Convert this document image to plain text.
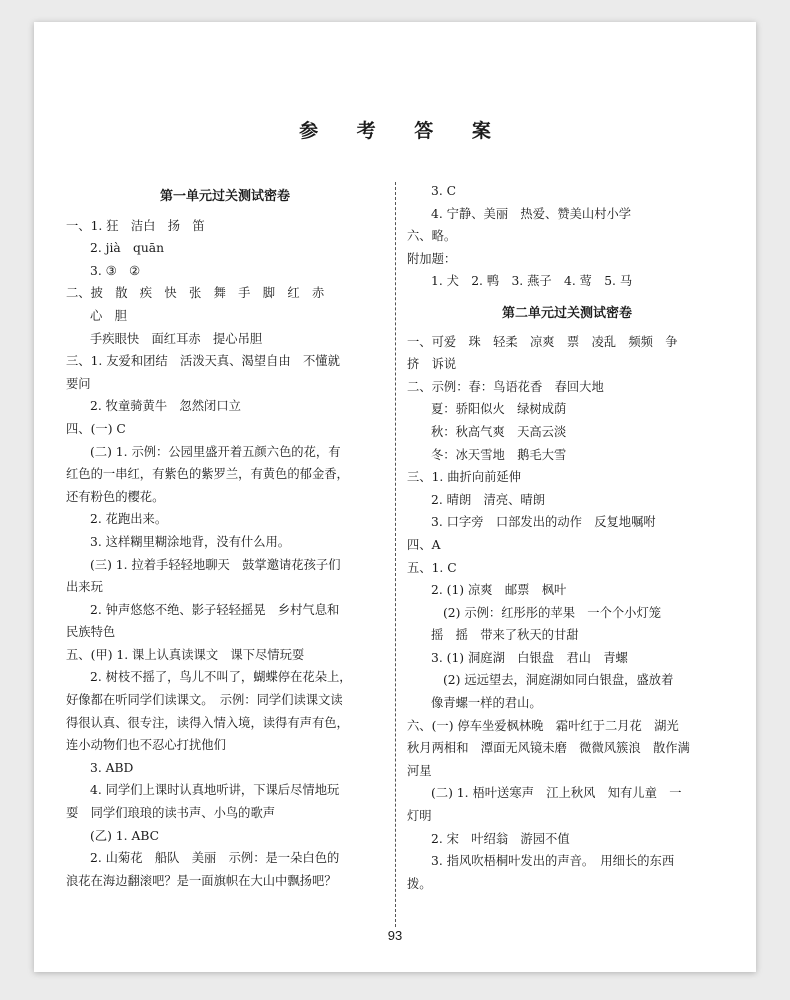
参 考 答 案
第一单元过关测试密卷
一、1. 狂　洁白　扬　笛
2. jià　quān
3. ③　②
二、披　散　疾　快　张　舞　手　脚　红　赤
心　胆
手疾眼快　面红耳赤　提心吊胆
三、1. 友爱和团结　活泼天真、渴望自由　不懂就
要问
2. 牧童骑黄牛　忽然闭口立
四、(一) C
(二) 1. 示例：公园里盛开着五颜六色的花，有
红色的一串红，有紫色的紫罗兰，有黄色的郁金香，
还有粉色的樱花。
2. 花跑出来。
3. 这样糊里糊涂地背，没有什么用。
(三) 1. 拉着手轻轻地聊天　鼓掌邀请花孩子们
出来玩
2. 钟声悠悠不绝、影子轻轻摇晃　乡村气息和
民族特色
五、(甲) 1. 课上认真读课文　课下尽情玩耍
2. 树枝不摇了，鸟儿不叫了，蝴蝶停在花朵上，
好像都在听同学们读课文。　示例：同学们读课文读
得很认真、很专注，读得入情入境，读得有声有色，
连小动物们也不忍心打扰他们
3. ABD
4. 同学们上课时认真地听讲，下课后尽情地玩
耍　同学们琅琅的读书声、小鸟的歌声
(乙) 1. ABC
2. 山菊花　船队　美丽　示例：是一朵白色的
浪花在海边翻滚吧？是一面旗帜在大山中飘扬吧？
3. C
4. 宁静、美丽　热爱、赞美山村小学
六、略。
附加题：
1. 犬　2. 鸭　3. 燕子　4. 莺　5. 马
第二单元过关测试密卷
一、可爱　珠　轻柔　凉爽　票　凌乱　频频　争
挤　诉说
二、示例：春：鸟语花香　春回大地
夏：骄阳似火　绿树成荫
秋：秋高气爽　天高云淡
冬：冰天雪地　鹅毛大雪
三、1. 曲折向前延伸
2. 晴朗　清亮、晴朗
3. 口字旁　口部发出的动作　反复地嘱咐
四、A
五、1. C
2. (1) 凉爽　邮票　枫叶
(2) 示例：红彤彤的苹果　一个个小灯笼
摇　摇　带来了秋天的甘甜
3. (1) 洞庭湖　白银盘　君山　青螺
(2) 远远望去，洞庭湖如同白银盘，盛放着
像青螺一样的君山。
六、(一) 停车坐爱枫林晚　霜叶红于二月花　湖光
秋月两相和　潭面无风镜未磨　微微风簇浪　散作满
河星
(二) 1. 梧叶送寒声　江上秋风　知有儿童　一
灯明
2. 宋　叶绍翁　游园不值
3. 指风吹梧桐叶发出的声音。　用细长的东西
拨。
93
